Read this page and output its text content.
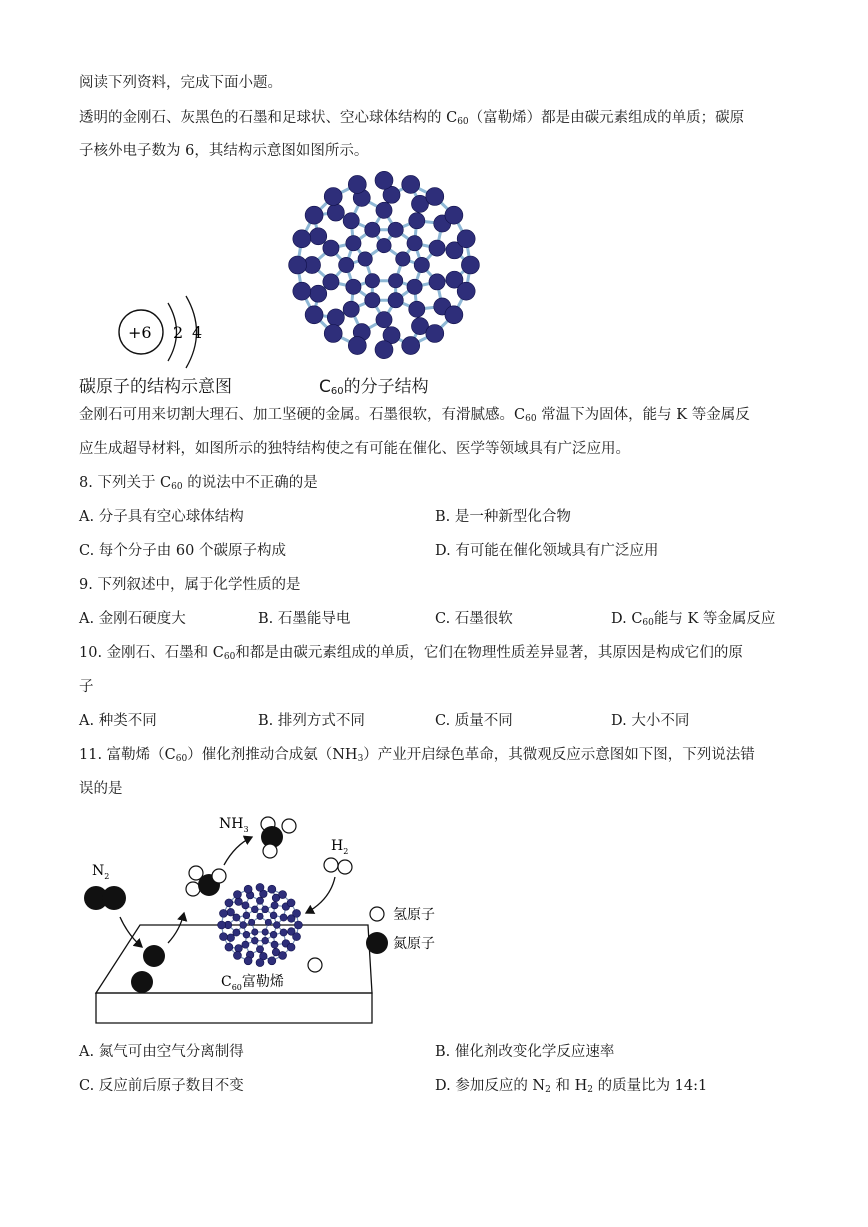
阅读下列资料，完成下面小题。
透明的金刚石、灰黑色的石墨和足球状、空心球体结构的 $C_{60}$（富勒烯）都是由碳元素组成的单质；碳原
子核外电子数为 6，其结构示意图如图所示。
+6 2 4
碳原子的结构示意图	$C_{60}$的分子结构
金刚石可用来切割大理石、加工坚硬的金属。石墨很软，有滑腻感。$C_{60}$ 常温下为固体，能与 K 等金属反
应生成超导材料，如图所示的独特结构使之有可能在催化、医学等领域具有广泛应用。
8. 下列关于 $C_{60}$ 的说法中不正确的是
A. 分子具有空心球体结构	B. 是一种新型化合物
C. 每个分子由 60 个碳原子构成	D. 有可能在催化领域具有广泛应用
9. 下列叙述中，属于化学性质的是
A. 金刚石硬度大	B. 石墨能导电	C. 石墨很软	D. $C_{60}$能与 K 等金属反应
10. 金刚石、石墨和 $C_{60}$和都是由碳元素组成的单质，它们在物理性质差异显著，其原因是构成它们的原
子
A. 种类不同	B. 排列方式不同	C. 质量不同	D. 大小不同
11. 富勒烯$(C_{60})$催化剂推动合成氨$(NH_3)$产业开启绿色革命，其微观反应示意图如下图，下列说法错
误的是
$N_2$
$NH_3$
$H_2$
$C_{60}$富勒烯
氢原子
氮原子
A. 氮气可由空气分离制得	B. 催化剂改变化学反应速率
C. 反应前后原子数目不变	D. 参加反应的 $N_2$ 和 $H_2$ 的质量比为 14:1
